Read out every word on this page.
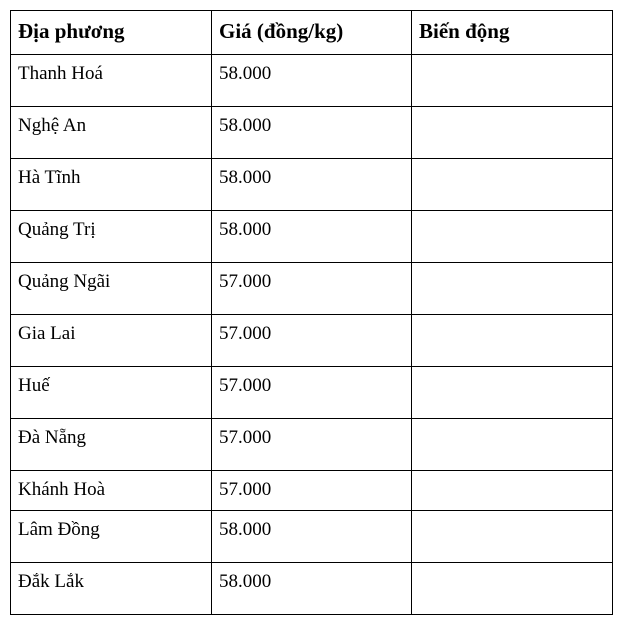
Địa phương	Giá (đồng/kg)	Biến động
Thanh Hoá	58.000	
Nghệ An	58.000	
Hà Tĩnh	58.000	
Quảng Trị	58.000	
Quảng Ngãi	57.000	
Gia Lai	57.000	
Huế	57.000	
Đà Nẵng	57.000	
Khánh Hoà	57.000	
Lâm Đồng	58.000	
Đắk Lắk	58.000	
